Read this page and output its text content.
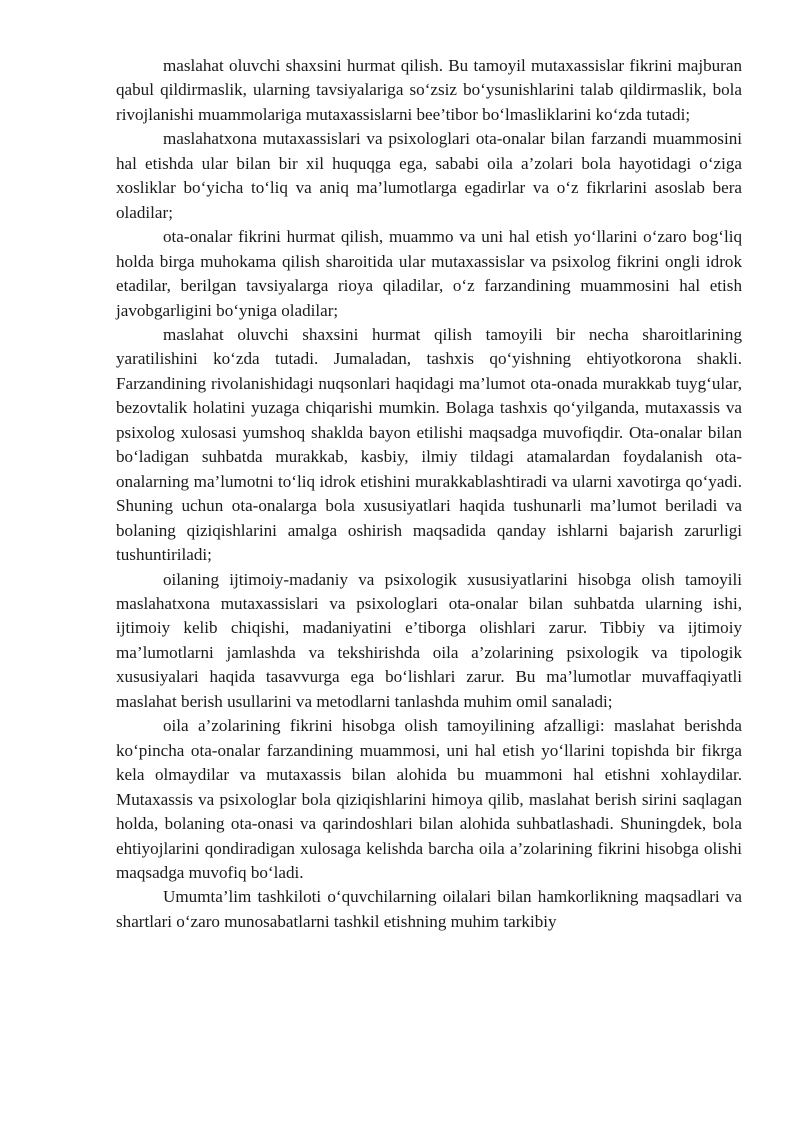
maslahat oluvchi shaxsini hurmat qilish. Bu tamoyil mutaxassislar fikrini majburan qabul qildirmaslik, ularning tavsiyalariga so‘zsiz bo‘ysunishlarini talab qildirmaslik, bola rivojlanishi muammolariga mutaxassislarni bee’tibor bo‘lmasliklarini ko‘zda tutadi;

maslahatxona mutaxassislari va psixologlari ota-onalar bilan farzandi muammosini hal etishda ular bilan bir xil huquqga ega, sababi oila a’zolari bola hayotidagi o‘ziga xosliklar bo‘yicha to‘liq va aniq ma’lumotlarga egadirlar va o‘z fikrlarini asoslab bera oladilar;

ota-onalar fikrini hurmat qilish, muammo va uni hal etish yo‘llarini o‘zaro bog‘liq holda birga muhokama qilish sharoitida ular mutaxassislar va psixolog fikrini ongli idrok etadilar, berilgan tavsiyalarga rioya qiladilar, o‘z farzandining muammosini hal etish javobgarligini bo‘yniga oladilar;

maslahat oluvchi shaxsini hurmat qilish tamoyili bir necha sharoitlarining yaratilishini ko‘zda tutadi. Jumaladan, tashxis qo‘yishning ehtiyotkorona shakli. Farzandining rivolanishidagi nuqsonlari haqidagi ma’lumot ota-onada murakkab tuyg‘ular, bezovtalik holatini yuzaga chiqarishi mumkin. Bolaga tashxis qo‘yilganda, mutaxassis va psixolog xulosasi yumshoq shaklda bayon etilishi maqsadga muvofiqdir. Ota-onalar bilan bo‘ladigan suhbatda murakkab, kasbiy, ilmiy tildagi atamalardan foydalanish ota-onalarning ma’lumotni to‘liq idrok etishini murakkablashtiradi va ularni xavotirga qo‘yadi. Shuning uchun ota-onalarga bola xususiyatlari haqida tushunarli ma’lumot beriladi va bolaning qiziqishlarini amalga oshirish maqsadida qanday ishlarni bajarish zarurligi tushuntiriladi;

oilaning ijtimoiy-madaniy va psixologik xususiyatlarini hisobga olish tamoyili maslahatxona mutaxassislari va psixologlari ota-onalar bilan suhbatda ularning ishi, ijtimoiy kelib chiqishi, madaniyatini e’tiborga olishlari zarur. Tibbiy va ijtimoiy ma’lumotlarni jamlashda va tekshirishda oila a’zolarining psixologik va tipologik xususiyalari haqida tasavvurga ega bo‘lishlari zarur. Bu ma’lumotlar muvaffaqiyatli maslahat berish usullarini va metodlarni tanlashda muhim omil sanaladi;

oila a’zolarining fikrini hisobga olish tamoyilining afzalligi: maslahat berishda ko‘pincha ota-onalar farzandining muammosi, uni hal etish yo‘llarini topishda bir fikrga kela olmaydilar va mutaxassis bilan alohida bu muammoni hal etishni xohlaydilar. Mutaxassis va psixologlar bola qiziqishlarini himoya qilib, maslahat berish sirini saqlagan holda, bolaning ota-onasi va qarindoshlari bilan alohida suhbatlashadi. Shuningdek, bola ehtiyojlarini qondiradigan xulosaga kelishda barcha oila a’zolarining fikrini hisobga olishi maqsadga muvofiq bo‘ladi.

Umumta’lim tashkiloti o‘quvchilarning oilalari bilan hamkorlikning maqsadlari va shartlari o‘zaro munosabatlarni tashkil etishning muhim tarkibiy
